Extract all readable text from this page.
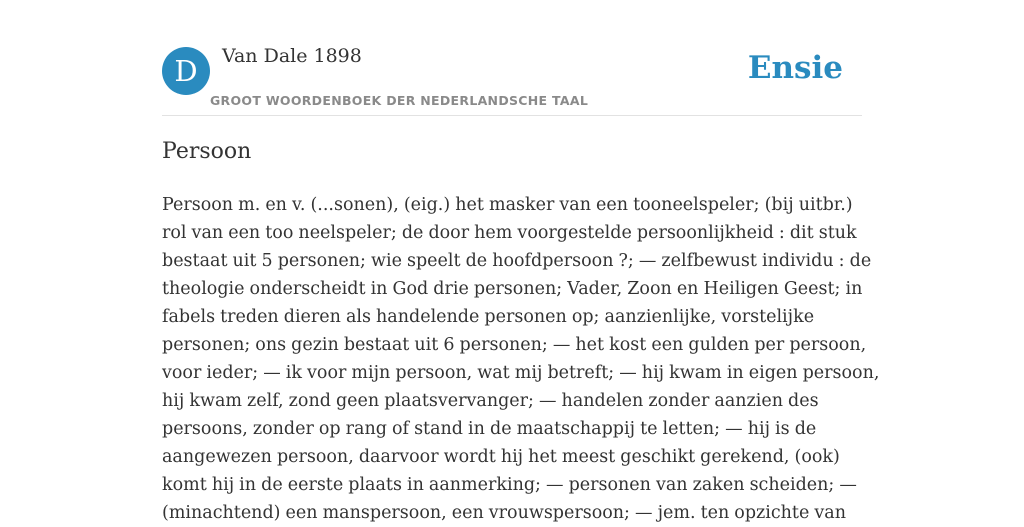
D	Van Dale 1898
GROOT WOORDENBOEK DER NEDERLANDSCHE TAAL
Ensie
Persoon
Persoon m. en v. (...sonen), (eig.) het masker van een tooneelspeler; (bij uitbr.)
rol van een too neelspeler; de door hem voorgestelde persoonlijkheid : dit stuk
bestaat uit 5 personen; wie speelt de hoofdpersoon ?; — zelfbewust individu : de
theologie onderscheidt in God drie personen; Vader, Zoon en Heiligen Geest; in
fabels treden dieren als handelende personen op; aanzienlijke, vorstelijke
personen; ons gezin bestaat uit 6 personen; — het kost een gulden per persoon,
voor ieder; — ik voor mijn persoon, wat mij betreft; — hij kwam in eigen persoon,
hij kwam zelf, zond geen plaatsvervanger; — handelen zonder aanzien des
persoons, zonder op rang of stand in de maatschappij te letten; — hij is de
aangewezen persoon, daarvoor wordt hij het meest geschikt gerekend, (ook)
komt hij in de eerste plaats in aanmerking; — personen van zaken scheiden; —
(minachtend) een manspersoon, een vrouwspersoon; — jem. ten opzichte van
